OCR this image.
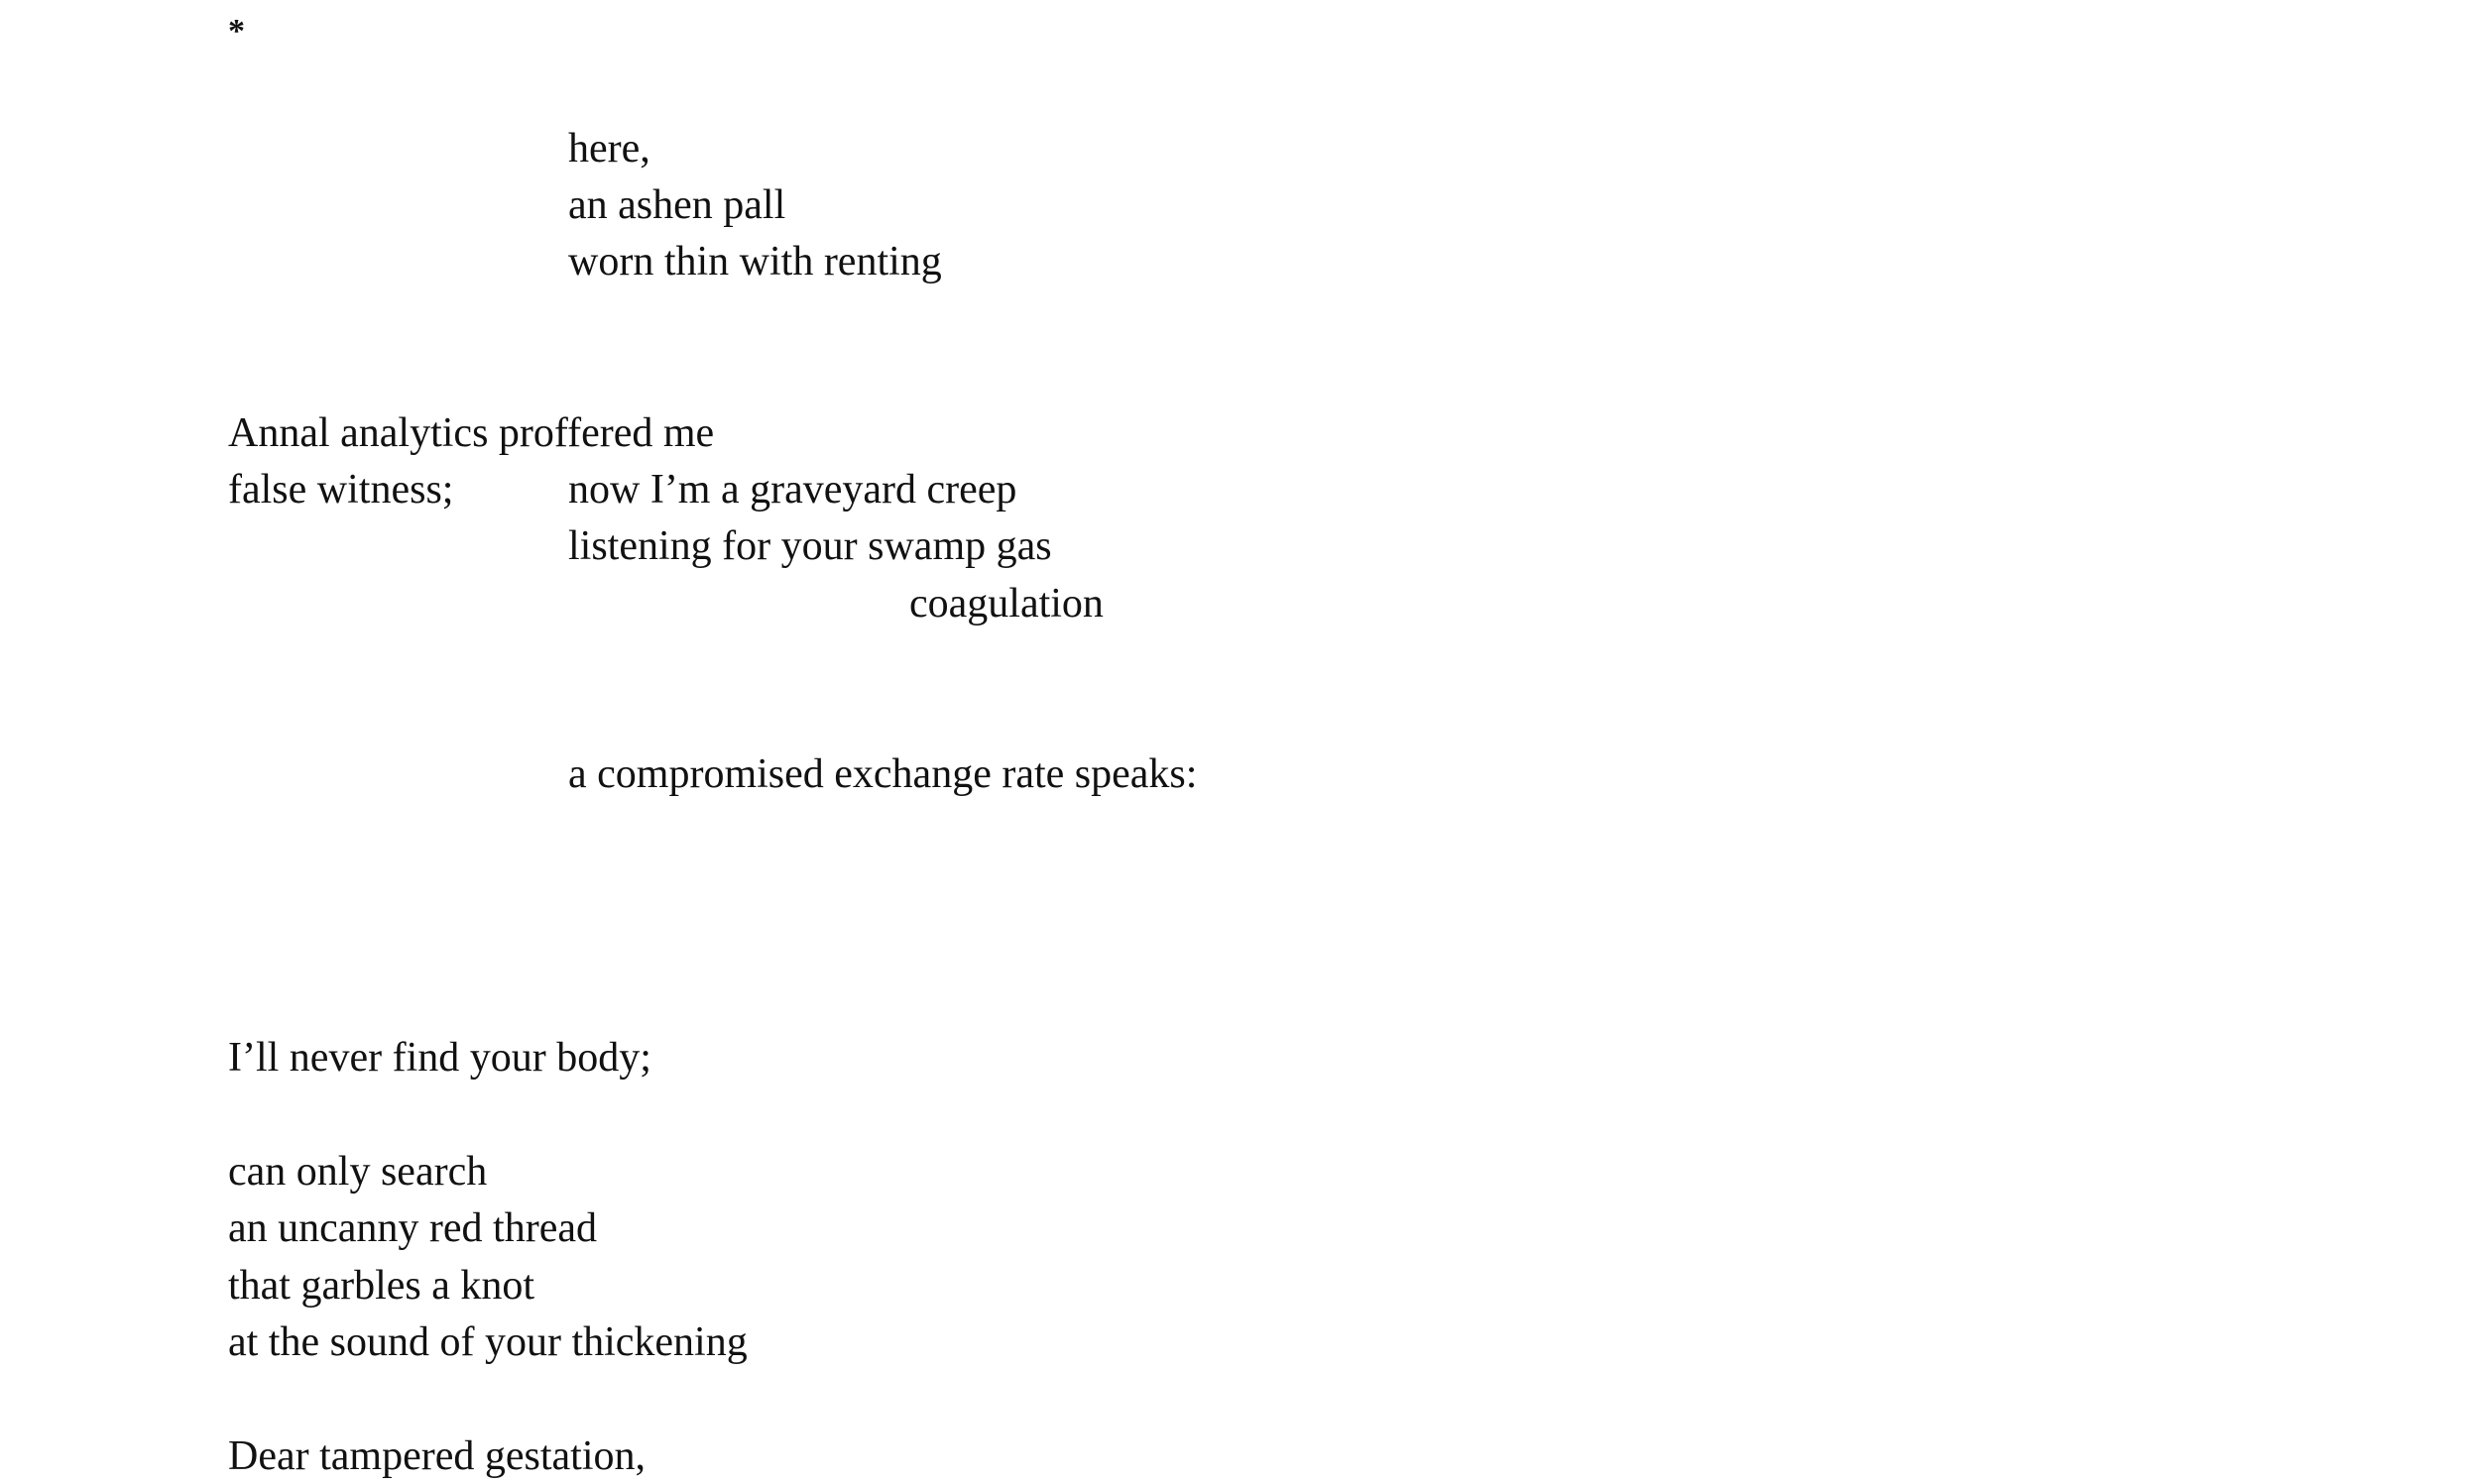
*

here,

an ashen pall

worn thin with renting

Annal analytics proffered me

false witness;	now I’m a graveyard creep

listening for your swamp gas

coagulation

a compromised exchange rate speaks:

I’ll never find your body;

can only search

an uncanny red thread

that garbles a knot

at the sound of your thickening

Dear tampered gestation,
